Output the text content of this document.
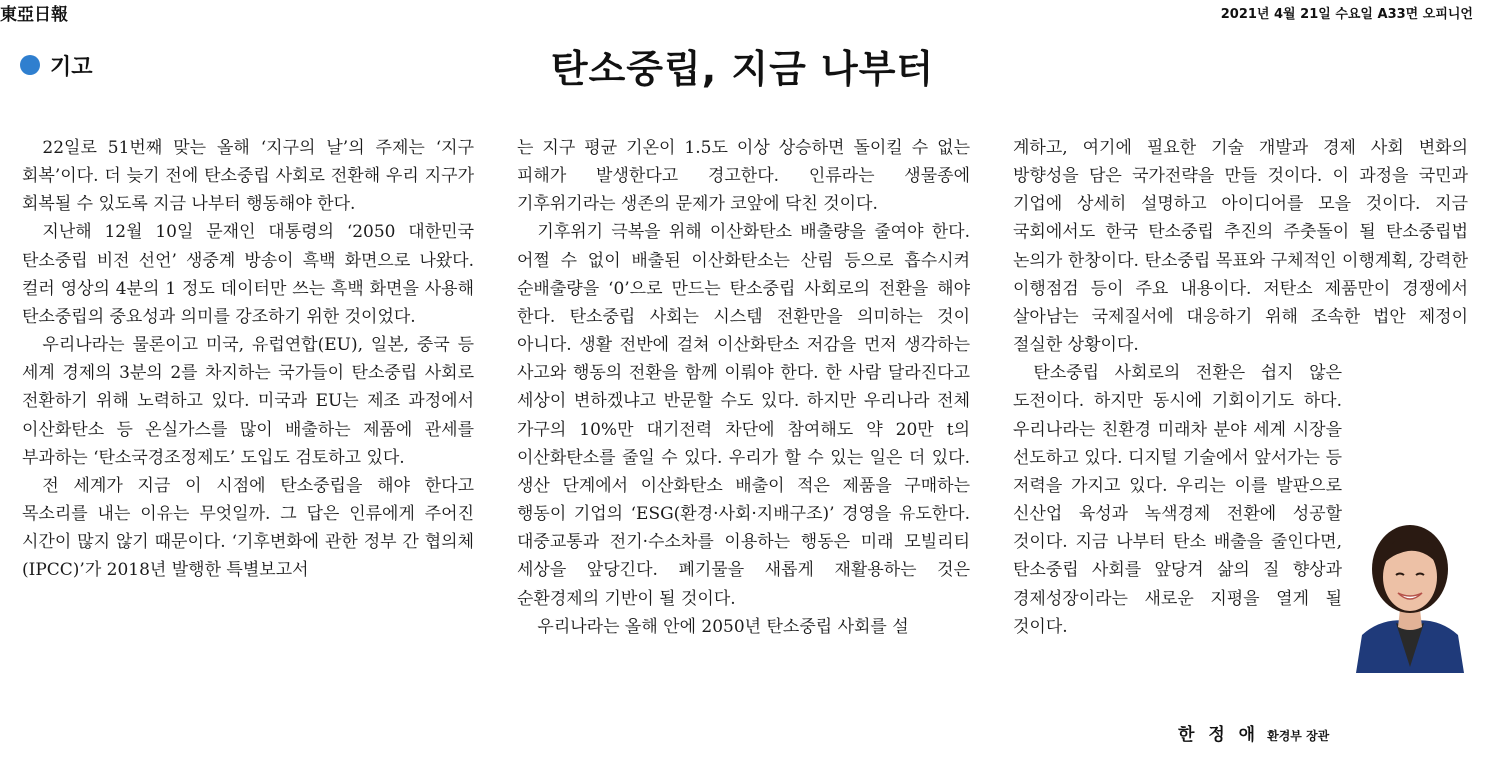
東亞日報	2021년 4월 21일 수요일 A33면 오피니언
기고	탄소중립, 지금 나부터

22일로 51번째 맞는 올해 ‘지구의 날’의 주제는 ‘지구 회복’이다. 더 늦기 전에 탄소중립 사회로 전환해 우리 지구가 회복될 수 있도록 지금 나부터 행동해야 한다.

지난해 12월 10일 문재인 대통령의 ‘2050 대한민국 탄소중립 비전 선언’ 생중계 방송이 흑백 화면으로 나왔다. 컬러 영상의 4분의 1 정도 데이터만 쓰는 흑백 화면을 사용해 탄소중립의 중요성과 의미를 강조하기 위한 것이었다.

우리나라는 물론이고 미국, 유럽연합(EU), 일본, 중국 등 세계 경제의 3분의 2를 차지하는 국가들이 탄소중립 사회로 전환하기 위해 노력하고 있다. 미국과 EU는 제조 과정에서 이산화탄소 등 온실가스를 많이 배출하는 제품에 관세를 부과하는 ‘탄소국경조정제도’ 도입도 검토하고 있다.

전 세계가 지금 이 시점에 탄소중립을 해야 한다고 목소리를 내는 이유는 무엇일까. 그 답은 인류에게 주어진 시간이 많지 않기 때문이다. ‘기후변화에 관한 정부 간 협의체(IPCC)’가 2018년 발행한 특별보고서

는 지구 평균 기온이 1.5도 이상 상승하면 돌이킬 수 없는 피해가 발생한다고 경고한다. 인류라는 생물종에 기후위기라는 생존의 문제가 코앞에 닥친 것이다.

기후위기 극복을 위해 이산화탄소 배출량을 줄여야 한다. 어쩔 수 없이 배출된 이산화탄소는 산림 등으로 흡수시켜 순배출량을 ‘0’으로 만드는 탄소중립 사회로의 전환을 해야 한다. 탄소중립 사회는 시스템 전환만을 의미하는 것이 아니다. 생활 전반에 걸쳐 이산화탄소 저감을 먼저 생각하는 사고와 행동의 전환을 함께 이뤄야 한다. 한 사람 달라진다고 세상이 변하겠냐고 반문할 수도 있다. 하지만 우리나라 전체 가구의 10%만 대기전력 차단에 참여해도 약 20만 t의 이산화탄소를 줄일 수 있다. 우리가 할 수 있는 일은 더 있다. 생산 단계에서 이산화탄소 배출이 적은 제품을 구매하는 행동이 기업의 ‘ESG(환경·사회·지배구조)’ 경영을 유도한다. 대중교통과 전기·수소차를 이용하는 행동은 미래 모빌리티 세상을 앞당긴다. 폐기물을 새롭게 재활용하는 것은 순환경제의 기반이 될 것이다.

우리나라는 올해 안에 2050년 탄소중립 사회를 설

계하고, 여기에 필요한 기술 개발과 경제 사회 변화의 방향성을 담은 국가전략을 만들 것이다. 이 과정을 국민과 기업에 상세히 설명하고 아이디어를 모을 것이다. 지금 국회에서도 한국 탄소중립 추진의 주춧돌이 될 탄소중립법 논의가 한창이다. 탄소중립 목표와 구체적인 이행계획, 강력한 이행점검 등이 주요 내용이다. 저탄소 제품만이 경쟁에서 살아남는 국제질서에 대응하기 위해 조속한 법안 제정이 절실한 상황이다.

탄소중립 사회로의 전환은 쉽지 않은 도전이다. 하지만 동시에 기회이기도 하다. 우리나라는 친환경 미래차 분야 세계 시장을 선도하고 있다. 디지털 기술에서 앞서가는 등 저력을 가지고 있다. 우리는 이를 발판으로 신산업 육성과 녹색경제 전환에 성공할 것이다. 지금 나부터 탄소 배출을 줄인다면, 탄소중립 사회를 앞당겨 삶의 질 향상과 경제성장이라는 새로운 지평을 열게 될 것이다.

한 정 애 환경부 장관
